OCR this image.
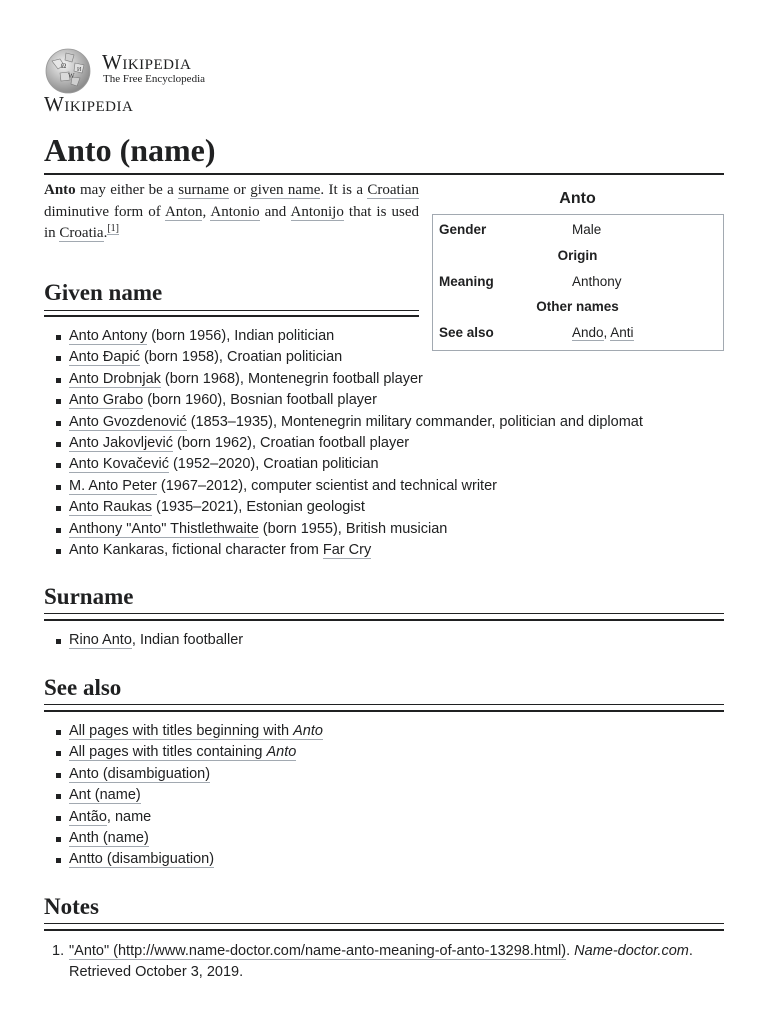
Ω
W
И Wikipedia
The Free Encyclopedia
Wikipedia
Anto (name)
Anto may either be a surname or given name. It is a Croatian diminutive form of Anton, Antonio and Antonijo that is used in Croatia.[1]
Anto
Gender	Male
Origin
Meaning	Anthony
Other names
See also	Ando, Anti
Given name
Anto Antony (born 1956), Indian politician
Anto Đapić (born 1958), Croatian politician
Anto Drobnjak (born 1968), Montenegrin football player
Anto Grabo (born 1960), Bosnian football player
Anto Gvozdenović (1853–1935), Montenegrin military commander, politician and diplomat
Anto Jakovljević (born 1962), Croatian football player
Anto Kovačević (1952–2020), Croatian politician
M. Anto Peter (1967–2012), computer scientist and technical writer
Anto Raukas (1935–2021), Estonian geologist
Anthony "Anto" Thistlethwaite (born 1955), British musician
Anto Kankaras, fictional character from Far Cry
Surname
Rino Anto, Indian footballer
See also
All pages with titles beginning with Anto
All pages with titles containing Anto
Anto (disambiguation)
Ant (name)
Antão, name
Anth (name)
Antto (disambiguation)
Notes
1. "Anto" (http://www.name-doctor.com/name-anto-meaning-of-anto-13298.html). Name-doctor.com. Retrieved October 3, 2019.
